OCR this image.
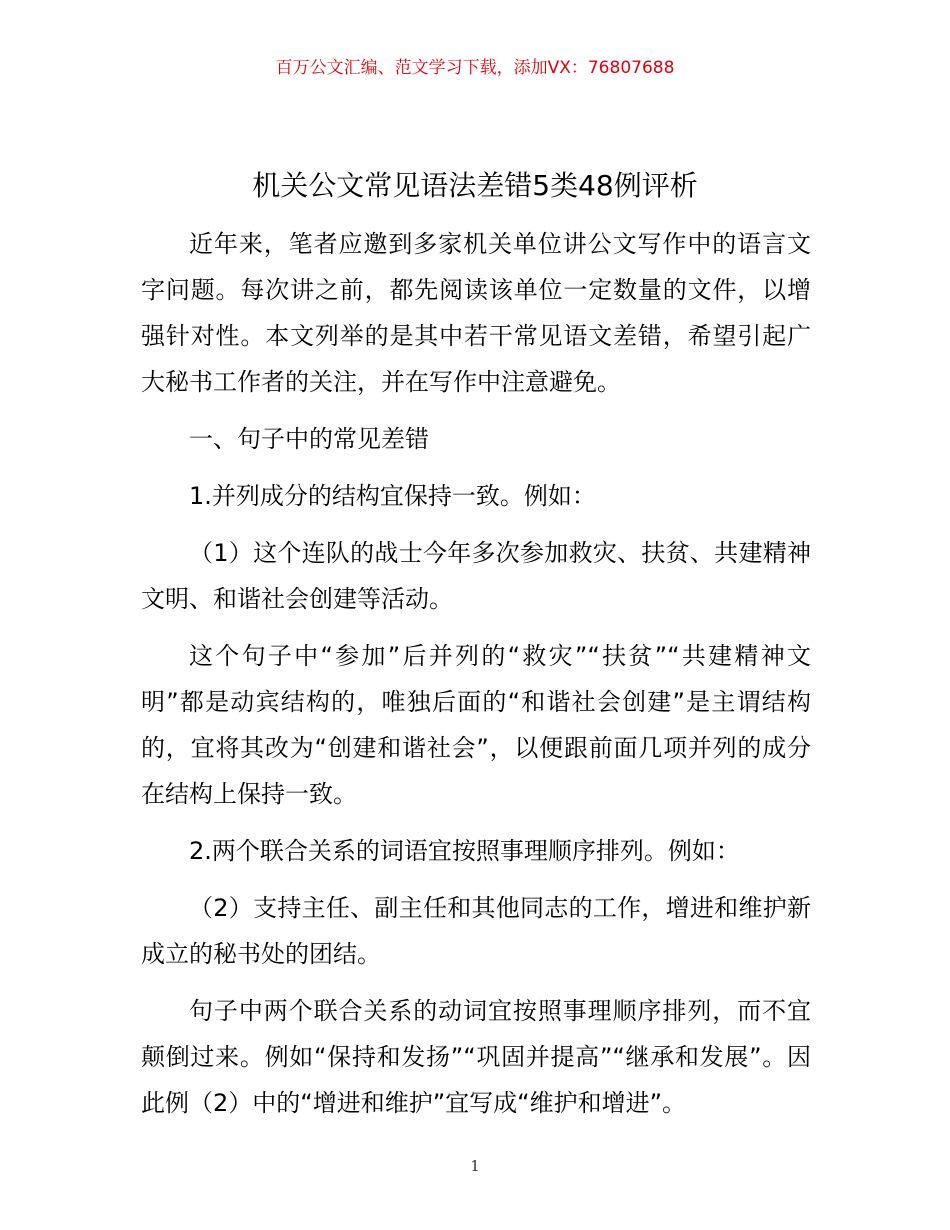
百万公文汇编、范文学习下载，添加VX：76807688
机关公文常见语法差错5类48例评析

近年来，笔者应邀到多家机关单位讲公文写作中的语言文字问题。每次讲之前，都先阅读该单位一定数量的文件，以增强针对性。本文列举的是其中若干常见语文差错，希望引起广大秘书工作者的关注，并在写作中注意避免。

一、句子中的常见差错

1.并列成分的结构宜保持一致。例如：

（1）这个连队的战士今年多次参加救灾、扶贫、共建精神文明、和谐社会创建等活动。

这个句子中“参加”后并列的“救灾”“扶贫”“共建精神文明”都是动宾结构的，唯独后面的“和谐社会创建”是主谓结构的，宜将其改为“创建和谐社会”，以便跟前面几项并列的成分在结构上保持一致。

2.两个联合关系的词语宜按照事理顺序排列。例如：

（2）支持主任、副主任和其他同志的工作，增进和维护新成立的秘书处的团结。

句子中两个联合关系的动词宜按照事理顺序排列，而不宜颠倒过来。例如“保持和发扬”“巩固并提高”“继承和发展”。因此例（2）中的“增进和维护”宜写成“维护和增进”。

1
